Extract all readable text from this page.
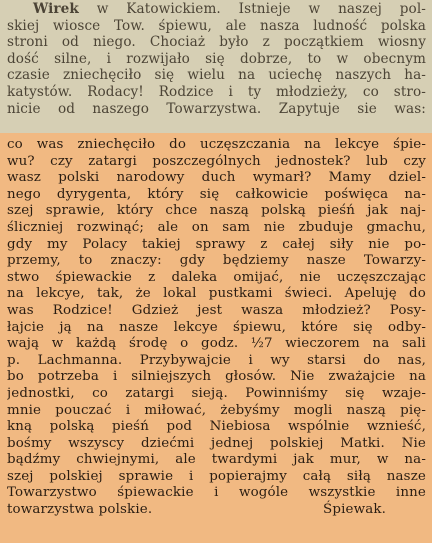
Wirek w Katowickiem. Istnieje w naszej pol-
skiej wiosce Tow. śpiewu, ale nasza ludność polska
stroni od niego. Chociaż było z początkiem wiosny
dość silne, i rozwijało się dobrze, to w obecnym
czasie zniechęciło się wielu na uciechę naszych ha-
katystów. Rodacy! Rodzice i ty młodzieży, co stro-
nicie od naszego Towarzystwa. Zapytuje sie was:
co was zniechęciło do uczęszczania na lekcye śpie-
wu? czy zatargi poszczególnych jednostek? lub czy
wasz polski narodowy duch wymarł? Mamy dziel-
nego dyrygenta, który się całkowicie poświęca na-
szej sprawie, który chce naszą polską pieśń jak naj-
śliczniej rozwinąć; ale on sam nie zbuduje gmachu,
gdy my Polacy takiej sprawy z całej siły nie po-
przemy, to znaczy: gdy będziemy nasze Towarzy-
stwo śpiewackie z daleka omijać, nie uczęszczając
na lekcye, tak, że lokal pustkami świeci. Apeluję do
was Rodzice! Gdzież jest wasza młodzież? Posy-
łajcie ją na nasze lekcye śpiewu, które się odby-
wają w każdą środę o godz. ½7 wieczorem na sali
p. Lachmanna. Przybywajcie i wy starsi do nas,
bo potrzeba i silniejszych głosów. Nie zważajcie na
jednostki, co zatargi sieją. Powinniśmy się wzaje-
mnie pouczać i miłować, żebyśmy mogli naszą pię-
kną polską pieśń pod Niebiosa wspólnie wznieść,
bośmy wszyscy dziećmi jednej polskiej Matki. Nie
bądźmy chwiejnymi, ale twardymi jak mur, w na-
szej polskiej sprawie i popierajmy całą siłą nasze
Towarzystwo śpiewackie i wogóle wszystkie inne
towarzystwa polskie.	Śpiewak.
